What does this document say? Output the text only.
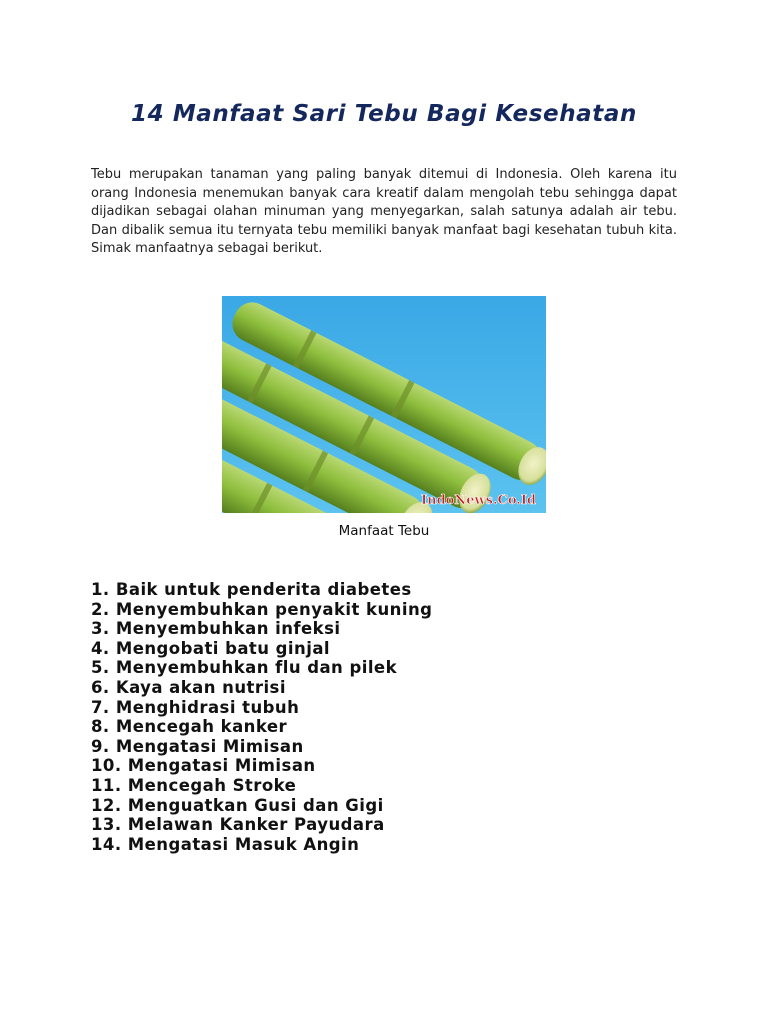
14 Manfaat Sari Tebu Bagi Kesehatan

Tebu merupakan tanaman yang paling banyak ditemui di Indonesia. Oleh karena itu orang Indonesia menemukan banyak cara kreatif dalam mengolah tebu sehingga dapat dijadikan sebagai olahan minuman yang menyegarkan, salah satunya adalah air tebu. Dan dibalik semua itu ternyata tebu memiliki banyak manfaat bagi kesehatan tubuh kita. Simak manfaatnya sebagai berikut.

IndoNews.Co.Id

Manfaat Tebu

1. Baik untuk penderita diabetes
2. Menyembuhkan penyakit kuning
3. Menyembuhkan infeksi
4. Mengobati batu ginjal
5. Menyembuhkan flu dan pilek
6. Kaya akan nutrisi
7. Menghidrasi tubuh
8. Mencegah kanker
9. Mengatasi Mimisan
10. Mengatasi Mimisan
11. Mencegah Stroke
12. Menguatkan Gusi dan Gigi
13. Melawan Kanker Payudara
14. Mengatasi Masuk Angin
